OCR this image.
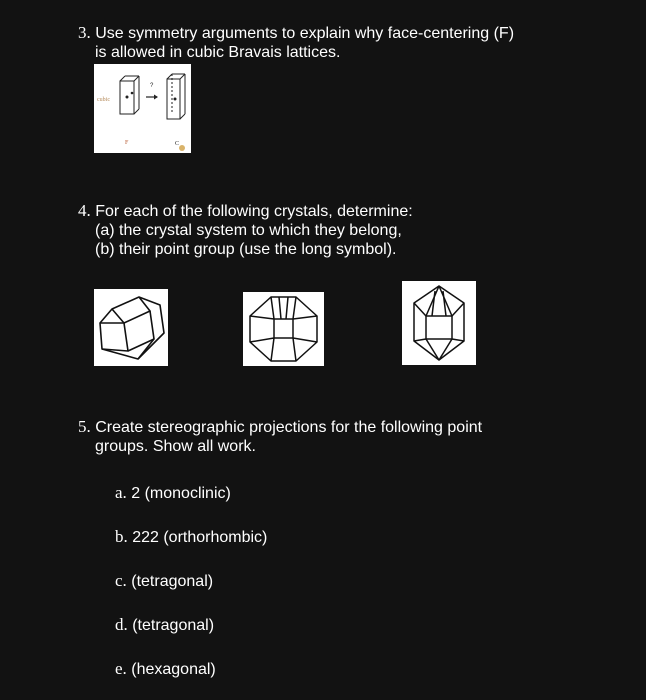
3. Use symmetry arguments to explain why face-centering (F)
is allowed in cubic Bravais lattices.
cubic
?
F	C
4. For each of the following crystals, determine:
(a) the crystal system to which they belong,
(b) their point group (use the long symbol).
5. Create stereographic projections for the following point
groups. Show all work.
a. 2 (monoclinic)
b. 222 (orthorhombic)
c. (tetragonal)
d. (tetragonal)
e. (hexagonal)
